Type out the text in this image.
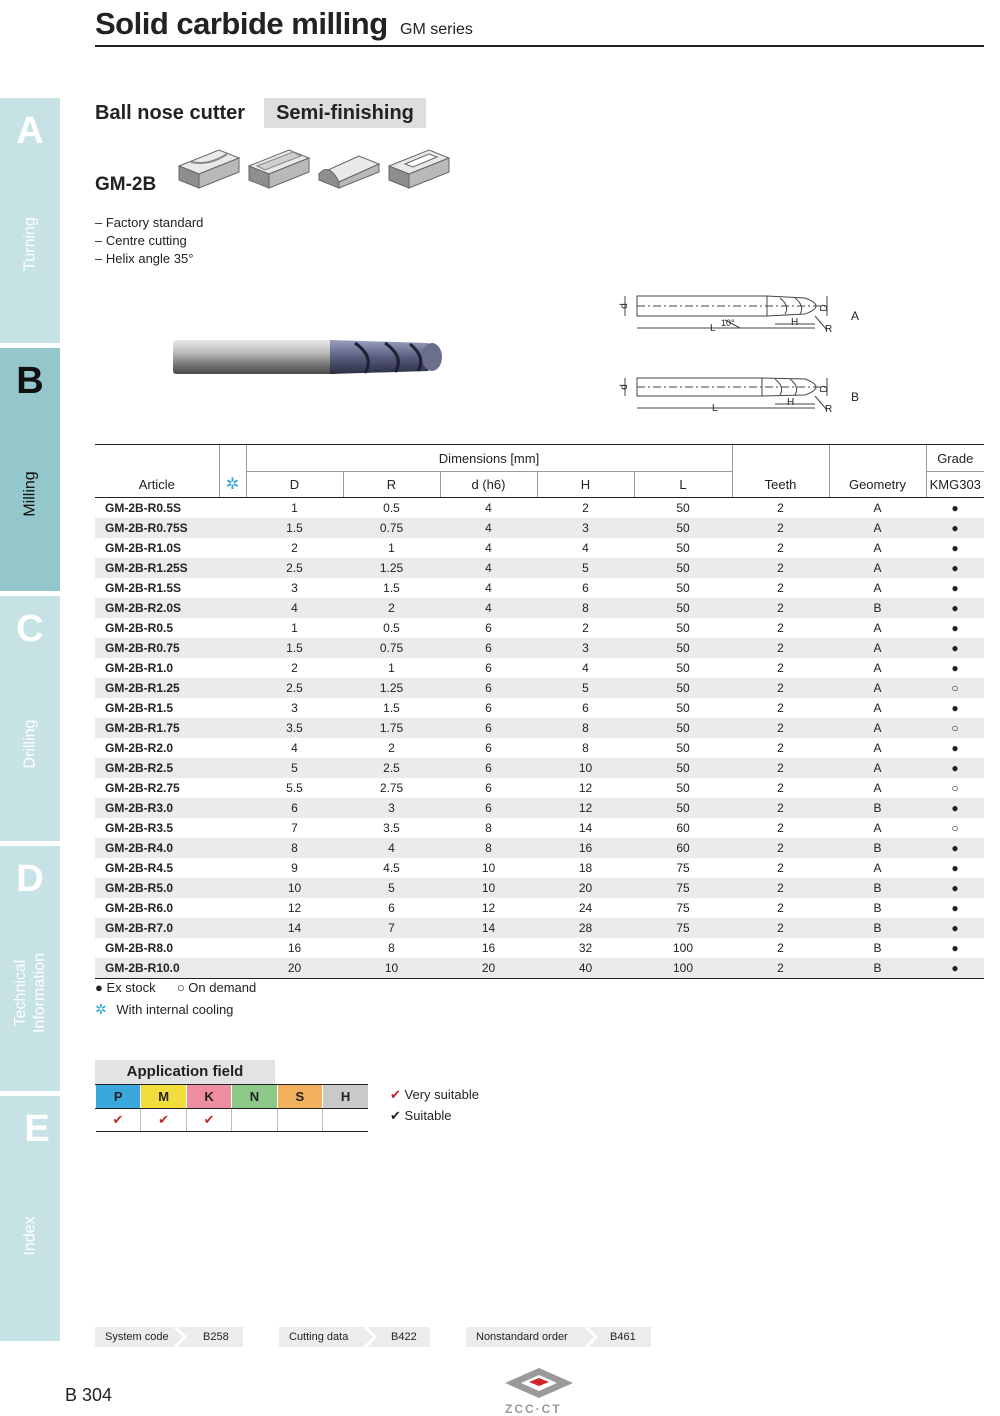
Solid carbide milling GM series
A
Turning
B
Milling
C
Drilling
D
Technical
Information
E
Index
Ball nose cutter	Semi-finishing
GM-2B
– Factory standard
– Centre cutting
– Helix angle 35°
d	D
L 10°	H
R
A
d	D
L
H
R
B
Article	✲	Dimensions [mm]					Teeth	Geometry	Grade
		D	R	d (h6)	H	L			KMG303
GM-2B-R0.5S		1	0.5	4	2	50	2	A	●
GM-2B-R0.75S		1.5	0.75	4	3	50	2	A	●
GM-2B-R1.0S		2	1	4	4	50	2	A	●
GM-2B-R1.25S		2.5	1.25	4	5	50	2	A	●
GM-2B-R1.5S		3	1.5	4	6	50	2	A	●
GM-2B-R2.0S		4	2	4	8	50	2	B	●
GM-2B-R0.5		1	0.5	6	2	50	2	A	●
GM-2B-R0.75		1.5	0.75	6	3	50	2	A	●
GM-2B-R1.0		2	1	6	4	50	2	A	●
GM-2B-R1.25		2.5	1.25	6	5	50	2	A	○
GM-2B-R1.5		3	1.5	6	6	50	2	A	●
GM-2B-R1.75		3.5	1.75	6	8	50	2	A	○
GM-2B-R2.0		4	2	6	8	50	2	A	●
GM-2B-R2.5		5	2.5	6	10	50	2	A	●
GM-2B-R2.75		5.5	2.75	6	12	50	2	A	○
GM-2B-R3.0		6	3	6	12	50	2	B	●
GM-2B-R3.5		7	3.5	8	14	60	2	A	○
GM-2B-R4.0		8	4	8	16	60	2	B	●
GM-2B-R4.5		9	4.5	10	18	75	2	A	●
GM-2B-R5.0		10	5	10	20	75	2	B	●
GM-2B-R6.0		12	6	12	24	75	2	B	●
GM-2B-R7.0		14	7	14	28	75	2	B	●
GM-2B-R8.0		16	8	16	32	100	2	B	●
GM-2B-R10.0		20	10	20	40	100	2	B	●
● Ex stock ○ On demand
✲ With internal cooling
Application field
P	M	K	N	S	H
✔	✔	✔			
✔ Very suitable
✔ Suitable
System code	B258	Cutting data	B422	Nonstandard order	B461
B 304
ZCC·CT
